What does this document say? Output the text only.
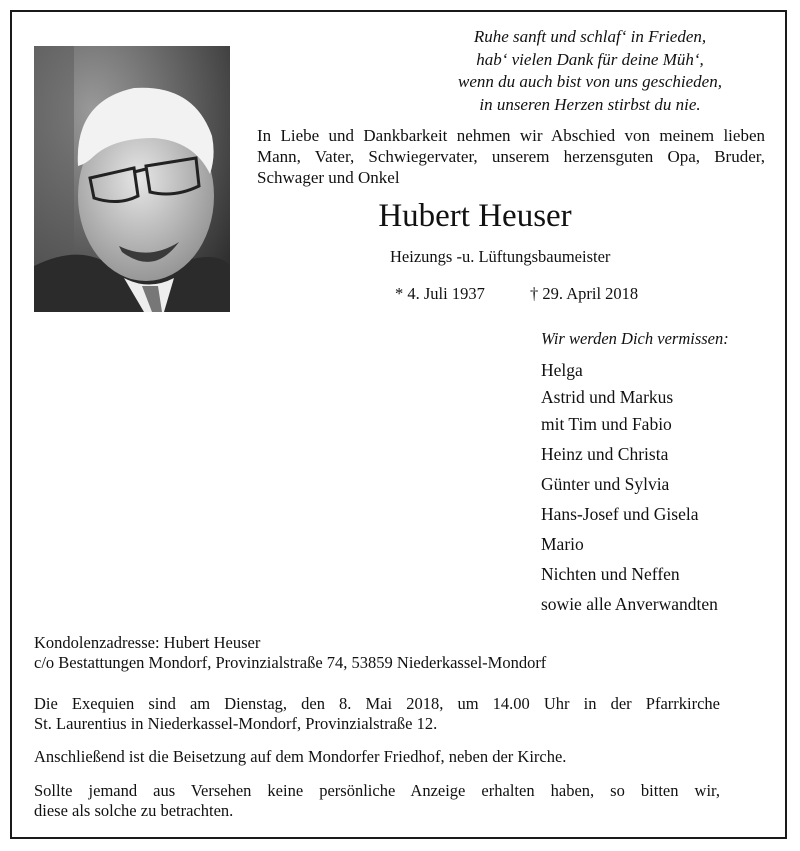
Ruhe sanft und schlaf‘ in Frieden,
hab‘ vielen Dank für deine Müh‘,
wenn du auch bist von uns geschieden,
in unseren Herzen stirbst du nie.
In Liebe und Dankbarkeit nehmen wir Abschied von meinem lieben
Mann, Vater, Schwiegervater, unserem herzensguten Opa, Bruder,
Schwager und Onkel
Hubert Heuser
Heizungs -u. Lüftungsbaumeister
* 4. Juli 1937	† 29. April 2018
Wir werden Dich vermissen:
Helga
Astrid und Markus
mit Tim und Fabio
Heinz und Christa
Günter und Sylvia
Hans-Josef und Gisela
Mario
Nichten und Neffen
sowie alle Anverwandten
Kondolenzadresse: Hubert Heuser
c/o Bestattungen Mondorf, Provinzialstraße 74, 53859 Niederkassel-Mondorf
Die Exequien sind am Dienstag, den 8. Mai 2018, um 14.00 Uhr in der Pfarrkirche
St. Laurentius in Niederkassel-Mondorf, Provinzialstraße 12.
Anschließend ist die Beisetzung auf dem Mondorfer Friedhof, neben der Kirche.
Sollte jemand aus Versehen keine persönliche Anzeige erhalten haben, so bitten wir,
diese als solche zu betrachten.
